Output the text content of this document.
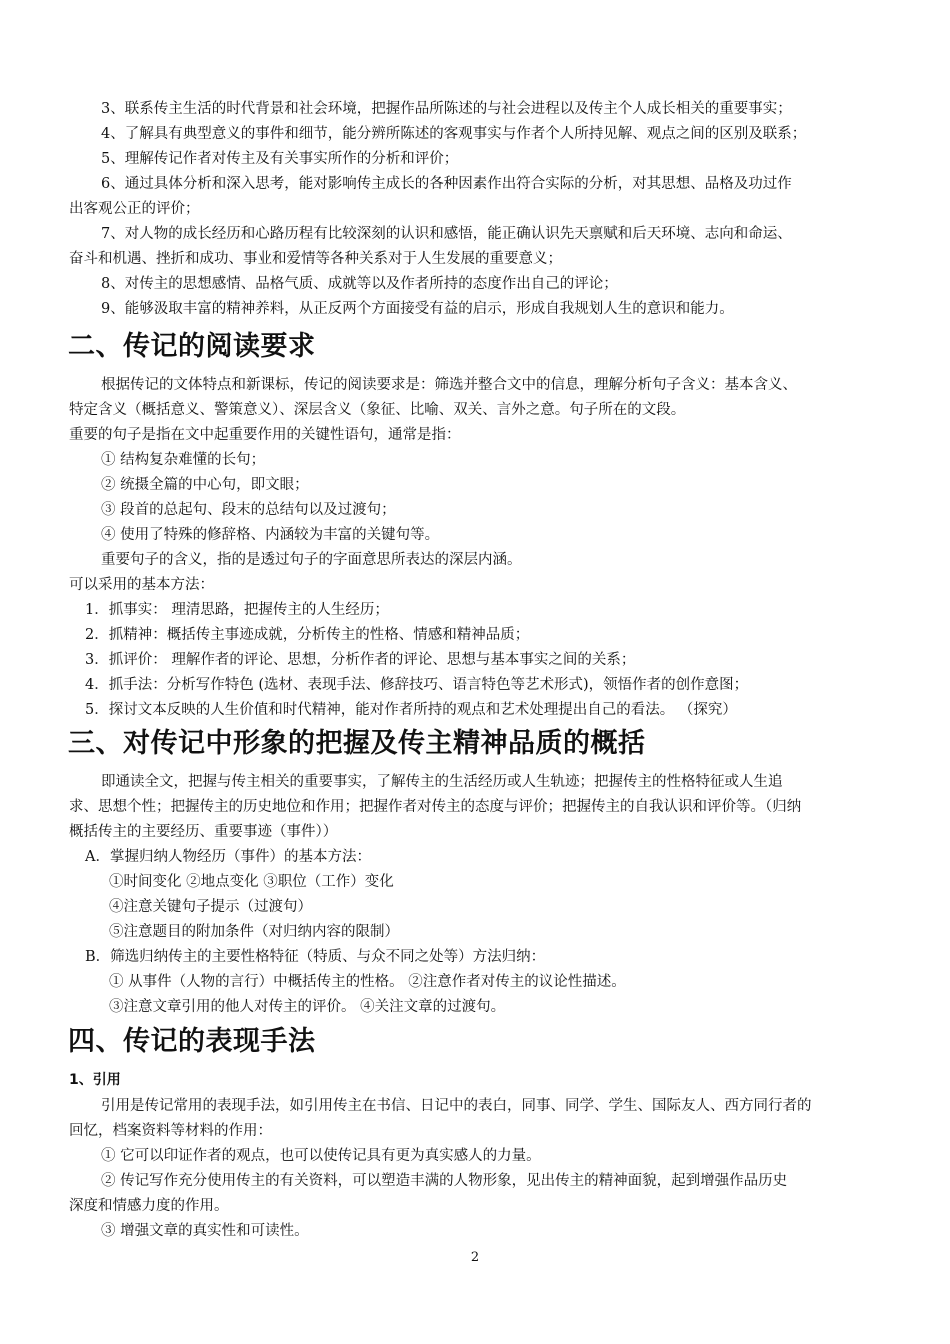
3、联系传主生活的时代背景和社会环境，把握作品所陈述的与社会进程以及传主个人成长相关的重要事实；
4、了解具有典型意义的事件和细节，能分辨所陈述的客观事实与作者个人所持见解、观点之间的区别及联系；
5、理解传记作者对传主及有关事实所作的分析和评价；
6、通过具体分析和深入思考，能对影响传主成长的各种因素作出符合实际的分析，对其思想、品格及功过作
出客观公正的评价；
7、对人物的成长经历和心路历程有比较深刻的认识和感悟，能正确认识先天禀赋和后天环境、志向和命运、
奋斗和机遇、挫折和成功、事业和爱情等各种关系对于人生发展的重要意义；
8、对传主的思想感情、品格气质、成就等以及作者所持的态度作出自己的评论；
9、能够汲取丰富的精神养料，从正反两个方面接受有益的启示，形成自我规划人生的意识和能力。
二、传记的阅读要求
根据传记的文体特点和新课标，传记的阅读要求是：筛选并整合文中的信息，理解分析句子含义：基本含义、
特定含义（概括意义、警策意义）、深层含义（象征、比喻、双关、言外之意。句子所在的文段。
重要的句子是指在文中起重要作用的关键性语句，通常是指：
① 结构复杂难懂的长句；
② 统摄全篇的中心句，即文眼；
③ 段首的总起句、段末的总结句以及过渡句；
④ 使用了特殊的修辞格、内涵较为丰富的关键句等。
重要句子的含义，指的是透过句子的字面意思所表达的深层内涵。
可以采用的基本方法：
1．抓事实： 理清思路，把握传主的人生经历；
2．抓精神：概括传主事迹成就，分析传主的性格、情感和精神品质；
3．抓评价： 理解作者的评论、思想，分析作者的评论、思想与基本事实之间的关系；
4．抓手法：分析写作特色 (选材、表现手法、修辞技巧、语言特色等艺术形式)，领悟作者的创作意图；
5．探讨文本反映的人生价值和时代精神，能对作者所持的观点和艺术处理提出自己的看法。 （探究）
三、对传记中形象的把握及传主精神品质的概括
即通读全文，把握与传主相关的重要事实，了解传主的生活经历或人生轨迹；把握传主的性格特征或人生追
求、思想个性；把握传主的历史地位和作用；把握作者对传主的态度与评价；把握传主的自我认识和评价等。（归纳
概括传主的主要经历、重要事迹（事件））
A．掌握归纳人物经历（事件）的基本方法：
①时间变化 ②地点变化 ③职位（工作）变化
④注意关键句子提示（过渡句）
⑤注意题目的附加条件（对归纳内容的限制）
B．筛选归纳传主的主要性格特征（特质、与众不同之处等）方法归纳：
① 从事件（人物的言行）中概括传主的性格。 ②注意作者对传主的议论性描述。
③注意文章引用的他人对传主的评价。 ④关注文章的过渡句。
四、传记的表现手法
1、引用
引用是传记常用的表现手法，如引用传主在书信、日记中的表白，同事、同学、学生、国际友人、西方同行者的
回忆，档案资料等材料的作用：
① 它可以印证作者的观点，也可以使传记具有更为真实感人的力量。
② 传记写作充分使用传主的有关资料，可以塑造丰满的人物形象，见出传主的精神面貌，起到增强作品历史
深度和情感力度的作用。
③ 增强文章的真实性和可读性。
2
